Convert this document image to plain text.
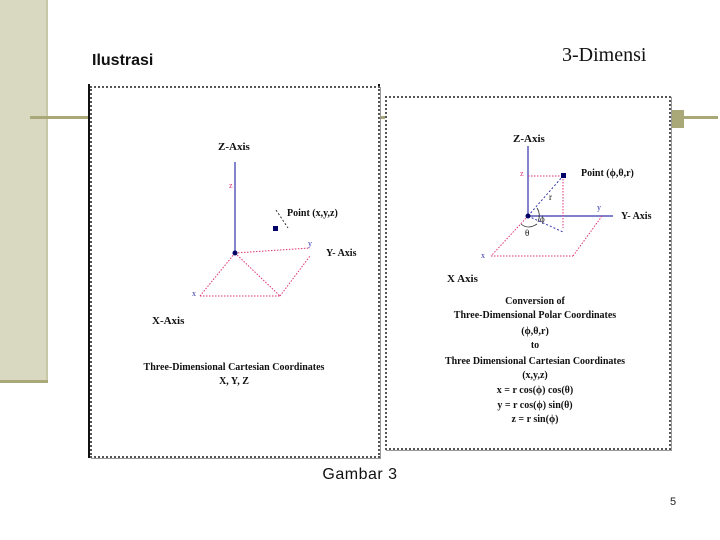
Ilustrasi	3-Dimensi
Z-Axis
z
Point (x,y,z)
y
Y- Axis
x
X-Axis
Three-Dimensional Cartesian Coordinates
X, Y, Z
Z-Axis
z	Point (ϕ,θ,r)
r
y
Y- Axis
ϕ
θ
x
X Axis
Conversion of
Three-Dimensional Polar Coordinates
(ϕ,θ,r)
to
Three Dimensional Cartesian Coordinates
(x,y,z)
x = r cos(ϕ) cos(θ)
y = r cos(ϕ) sin(θ)
z = r sin(ϕ)
Gambar 3
5
